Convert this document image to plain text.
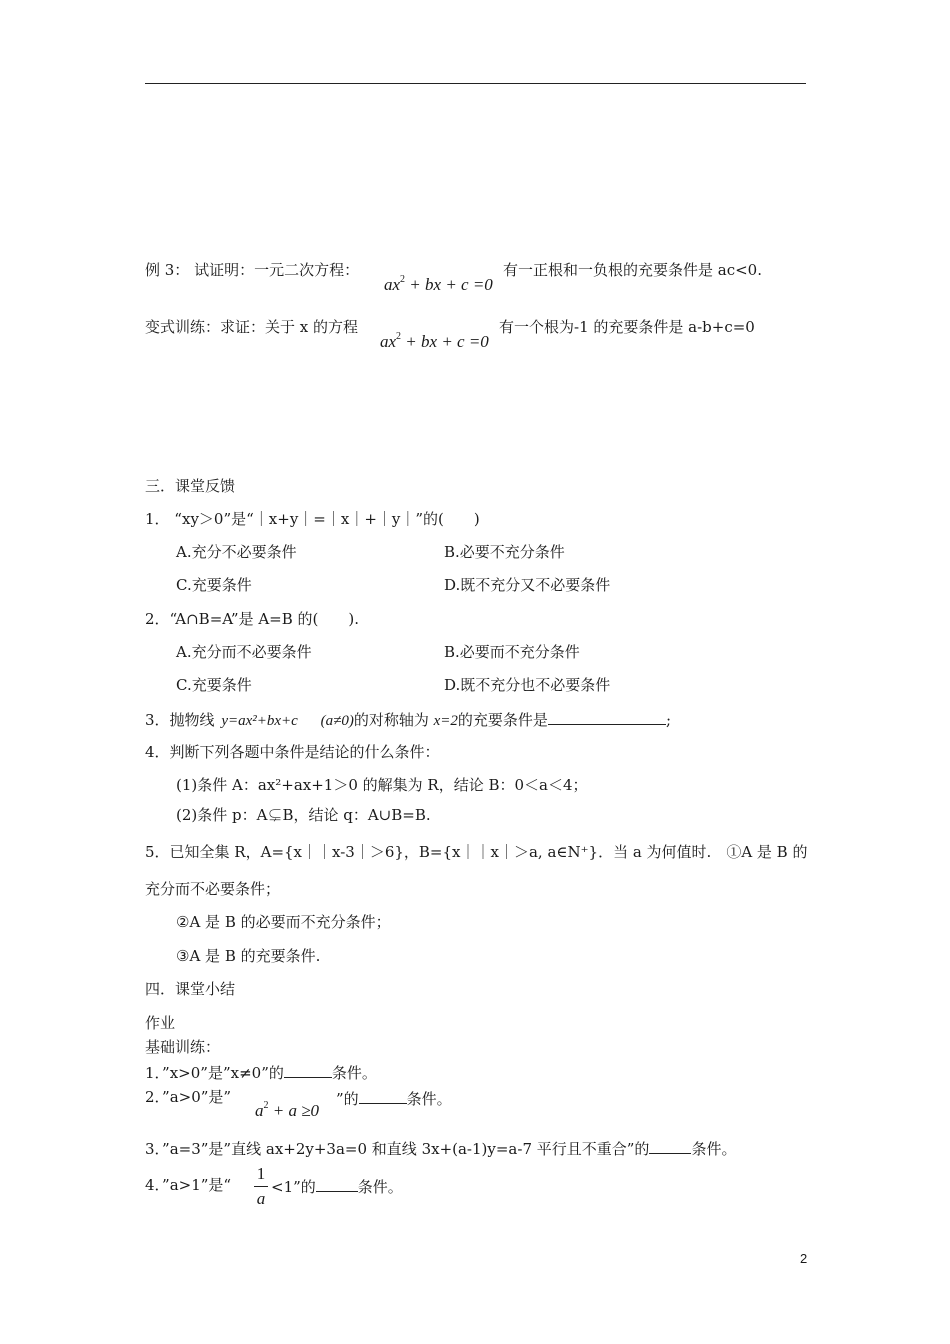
例 3： 试证明：一元二次方程：
$ax^2$ + bx + c =0
有一正根和一负根的充要条件是 ac<0.
变式训练：求证：关于 x 的方程
$ax^2$ + bx + c =0
有一个根为-1 的充要条件是 a-b+c=0
三．课堂反馈
1． “xy＞0”是“｜x+y｜=｜x｜+｜y｜”的(　　)
A.充分不必要条件	B.必要不充分条件
C.充要条件	D.既不充分又不必要条件
2．“A∩B=A”是 A=B 的(　　).
A.充分而不必要条件	B.必要而不充分条件
C.充要条件	D.既不充分也不必要条件
3．抛物线 y=ax²+bx+c (a≠0)的对称轴为 x=2的充要条件是	;
4．判断下列各题中条件是结论的什么条件：
(1)条件 A：ax²+ax+1＞0 的解集为 R，结论 B：0＜a＜4；
(2)条件 p：A⊊B，结论 q：A∪B=B.
5．已知全集 R，A={x｜｜x-3｜＞6}，B={x｜｜x｜＞a, a∈N⁺}．当 a 为何值时.　①A 是 B 的
充分而不必要条件；
②A 是 B 的必要而不充分条件；
③A 是 B 的充要条件.
四．课堂小结
作业
基础训练：
1．”x>0”是”x≠0”的	条件。
2．”a>0”是”
$a^2 + a \ge 0$
”的	条件。
3．”a=3”是”直线 ax+2y+3a=0 和直线 3x+(a-1)y=a-7 平行且不重合”的	条件。
4．”a>1”是“
1
a
<1”的	条件。
2
